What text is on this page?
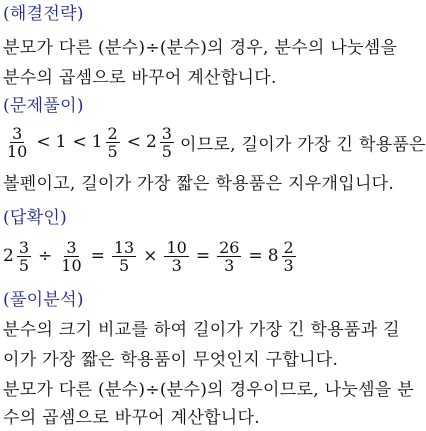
(해결전략)
분모가 다른 (분수)÷(분수)의 경우, 분수의 나눗셈을
분수의 곱셈으로 바꾸어 계산합니다.
(문제풀이)
$\frac{3}{10} < 1 < 1 \frac{2}{5} < 2 \frac{3}{5}$ 이므로, 길이가 가장 긴 학용품은
볼펜이고, 길이가 가장 짧은 학용품은 지우개입니다.
(답확인)
$2 \frac{3}{5} \div \frac{3}{10} = \frac{13}{5} \times \frac{10}{3} = \frac{26}{3} = 8 \frac{2}{3}$
(풀이분석)
분수의 크기 비교를 하여 길이가 가장 긴 학용품과 길
이가 가장 짧은 학용품이 무엇인지 구합니다.
분모가 다른 (분수)÷(분수)의 경우이므로, 나눗셈을 분
수의 곱셈으로 바꾸어 계산합니다.
